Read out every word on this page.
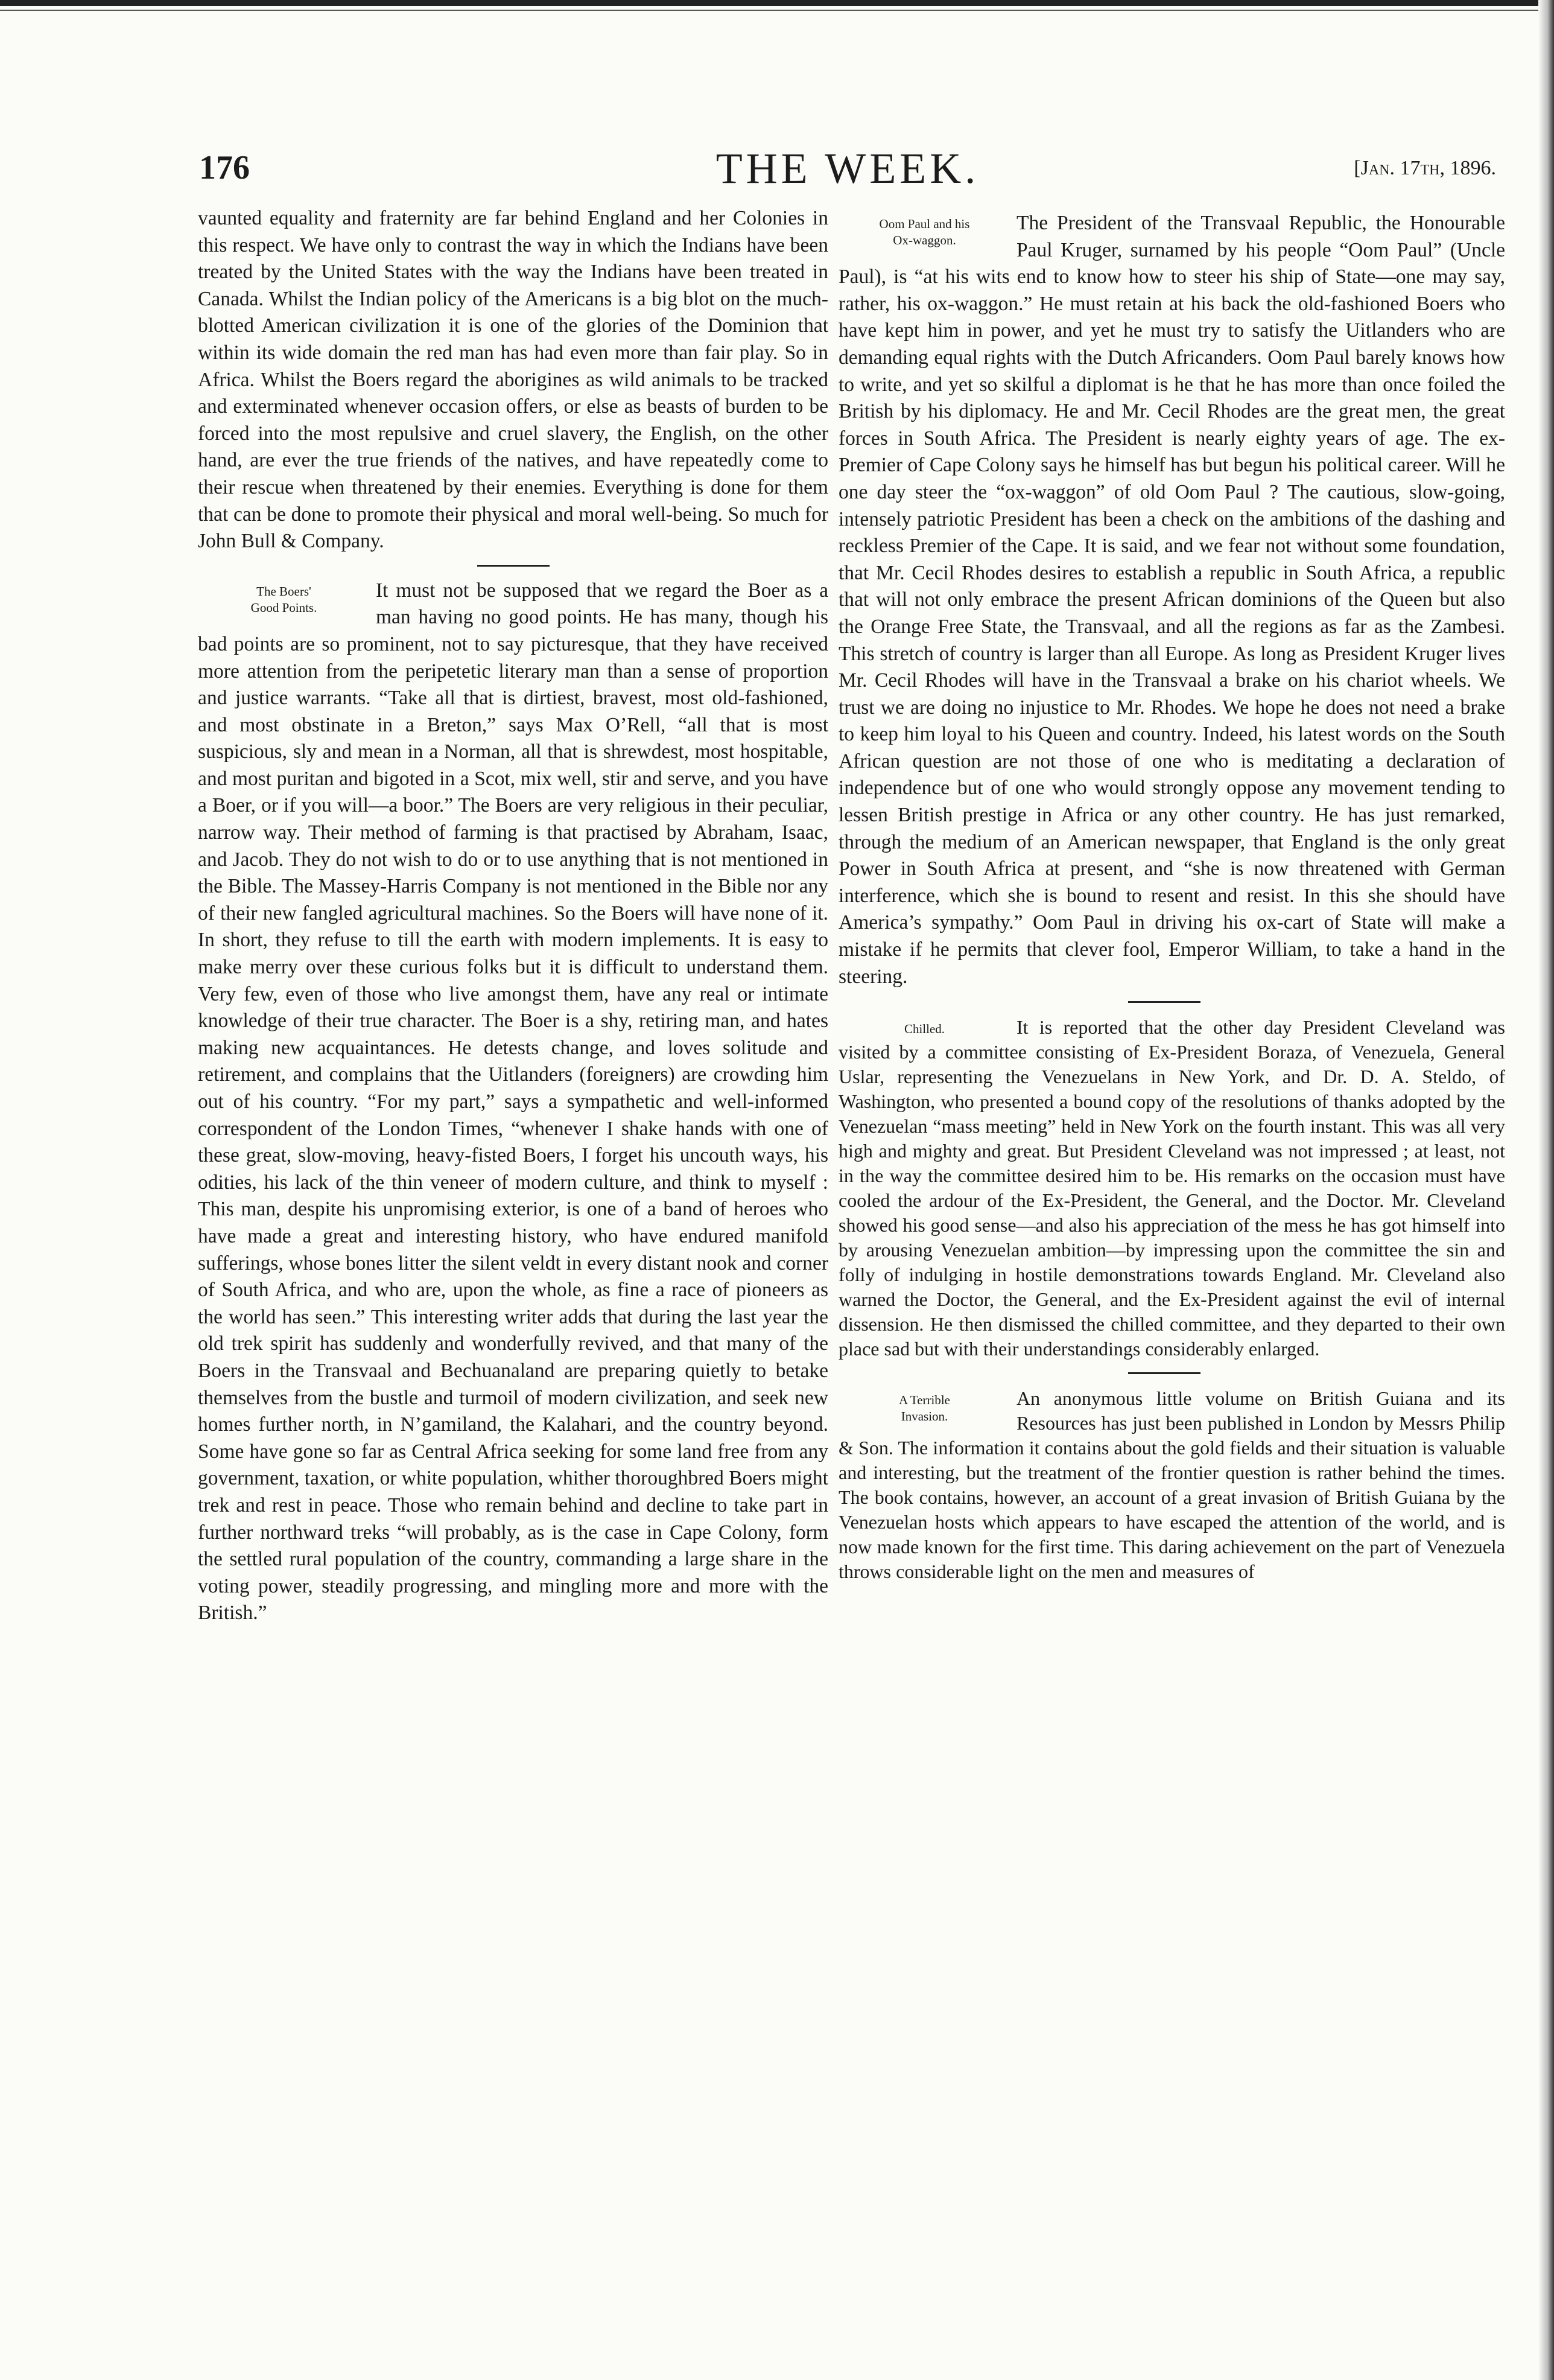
176	THE WEEK.	[Jan. 17th, 1896.

vaunted equality and fraternity are far behind England and her Colonies in this respect. We have only to contrast the way in which the Indians have been treated by the United States with the way the Indians have been treated in Canada. Whilst the Indian policy of the Americans is a big blot on the much-blotted American civilization it is one of the glories of the Dominion that within its wide domain the red man has had even more than fair play. So in Africa. Whilst the Boers regard the aborigines as wild animals to be tracked and exterminated whenever occasion offers, or else as beasts of burden to be forced into the most repulsive and cruel slavery, the English, on the other hand, are ever the true friends of the natives, and have repeatedly come to their rescue when threatened by their enemies. Everything is done for them that can be done to promote their physical and moral well-being. So much for John Bull & Company.

The Boers'
Good Points.

It must not be supposed that we regard the Boer as a man having no good points. He has many, though his bad points are so prominent, not to say picturesque, that they have received more attention from the peripetetic literary man than a sense of proportion and justice warrants. “Take all that is dirtiest, bravest, most old-fashioned, and most obstinate in a Breton,” says Max O’Rell, “all that is most suspicious, sly and mean in a Norman, all that is shrewdest, most hospitable, and most puritan and bigoted in a Scot, mix well, stir and serve, and you have a Boer, or if you will—a boor.” The Boers are very religious in their peculiar, narrow way. Their method of farming is that practised by Abraham, Isaac, and Jacob. They do not wish to do or to use anything that is not mentioned in the Bible. The Massey-Harris Company is not mentioned in the Bible nor any of their new fangled agricultural machines. So the Boers will have none of it. In short, they refuse to till the earth with modern implements. It is easy to make merry over these curious folks but it is difficult to understand them. Very few, even of those who live amongst them, have any real or intimate knowledge of their true character. The Boer is a shy, retiring man, and hates making new acquaintances. He detests change, and loves solitude and retirement, and complains that the Uitlanders (foreigners) are crowding him out of his country. “For my part,” says a sympathetic and well-informed correspondent of the London Times, “whenever I shake hands with one of these great, slow-moving, heavy-fisted Boers, I forget his uncouth ways, his odities, his lack of the thin veneer of modern culture, and think to myself : This man, despite his unpromising exterior, is one of a band of heroes who have made a great and interesting history, who have endured manifold sufferings, whose bones litter the silent veldt in every distant nook and corner of South Africa, and who are, upon the whole, as fine a race of pioneers as the world has seen.” This interesting writer adds that during the last year the old trek spirit has suddenly and wonderfully revived, and that many of the Boers in the Transvaal and Bechuanaland are preparing quietly to betake themselves from the bustle and turmoil of modern civilization, and seek new homes further north, in N’gamiland, the Kalahari, and the country beyond. Some have gone so far as Central Africa seeking for some land free from any government, taxation, or white population, whither thoroughbred Boers might trek and rest in peace. Those who remain behind and decline to take part in further northward treks “will probably, as is the case in Cape Colony, form the settled rural population of the country, commanding a large share in the voting power, steadily progressing, and mingling more and more with the British.”

Oom Paul and his
Ox-waggon.

The President of the Transvaal Republic, the Honourable Paul Kruger, surnamed by his people “Oom Paul” (Uncle Paul), is “at his wits end to know how to steer his ship of State—one may say, rather, his ox-waggon.” He must retain at his back the old-fashioned Boers who have kept him in power, and yet he must try to satisfy the Uitlanders who are demanding equal rights with the Dutch Africanders. Oom Paul barely knows how to write, and yet so skilful a diplomat is he that he has more than once foiled the British by his diplomacy. He and Mr. Cecil Rhodes are the great men, the great forces in South Africa. The President is nearly eighty years of age. The ex-Premier of Cape Colony says he himself has but begun his political career. Will he one day steer the “ox-waggon” of old Oom Paul ? The cautious, slow-going, intensely patriotic President has been a check on the ambitions of the dashing and reckless Premier of the Cape. It is said, and we fear not without some foundation, that Mr. Cecil Rhodes desires to establish a republic in South Africa, a republic that will not only embrace the present African dominions of the Queen but also the Orange Free State, the Transvaal, and all the regions as far as the Zambesi. This stretch of country is larger than all Europe. As long as President Kruger lives Mr. Cecil Rhodes will have in the Transvaal a brake on his chariot wheels. We trust we are doing no injustice to Mr. Rhodes. We hope he does not need a brake to keep him loyal to his Queen and country. Indeed, his latest words on the South African question are not those of one who is meditating a declaration of independence but of one who would strongly oppose any movement tending to lessen British prestige in Africa or any other country. He has just remarked, through the medium of an American newspaper, that England is the only great Power in South Africa at present, and “she is now threatened with German interference, which she is bound to resent and resist. In this she should have America’s sympathy.” Oom Paul in driving his ox-cart of State will make a mistake if he permits that clever fool, Emperor William, to take a hand in the steering.

Chilled.	It is reported that the other day President Cleveland was visited by a committee consisting of Ex-President Boraza, of Venezuela, General Uslar, representing the Venezuelans in New York, and Dr. D. A. Steldo, of Washington, who presented a bound copy of the resolutions of thanks adopted by the Venezuelan “mass meeting” held in New York on the fourth instant. This was all very high and mighty and great. But President Cleveland was not impressed ; at least, not in the way the committee desired him to be. His remarks on the occasion must have cooled the ardour of the Ex-President, the General, and the Doctor. Mr. Cleveland showed his good sense—and also his appreciation of the mess he has got himself into by arousing Venezuelan ambition—by impressing upon the committee the sin and folly of indulging in hostile demonstrations towards England. Mr. Cleveland also warned the Doctor, the General, and the Ex-President against the evil of internal dissension. He then dismissed the chilled committee, and they departed to their own place sad but with their understandings considerably enlarged.

A Terrible
Invasion.

An anonymous little volume on British Guiana and its Resources has just been published in London by Messrs Philip & Son. The information it contains about the gold fields and their situation is valuable and interesting, but the treatment of the frontier question is rather behind the times. The book contains, however, an account of a great invasion of British Guiana by the Venezuelan hosts which appears to have escaped the attention of the world, and is now made known for the first time. This daring achievement on the part of Venezuela throws considerable light on the men and measures of
